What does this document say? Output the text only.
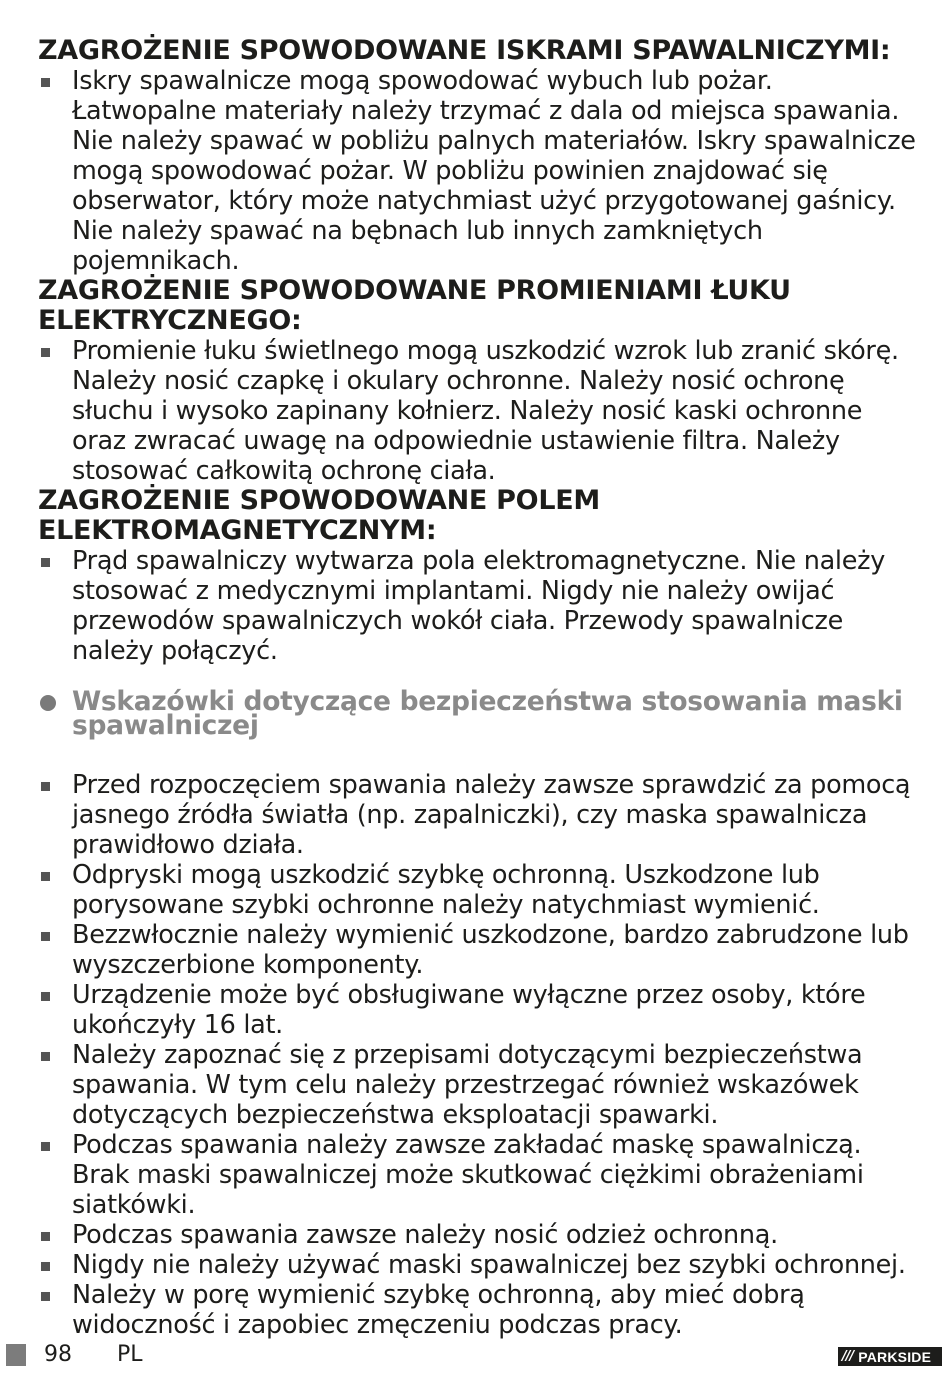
ZAGROŻENIE SPOWODOWANE ISKRAMI SPAWALNICZYMI:
Iskry spawalnicze mogą spowodować wybuch lub pożar. Łatwopalne materiały należy trzymać z dala od miejsca spawania. Nie należy spawać w pobliżu palnych materiałów. Iskry spawalnicze mogą spowodować pożar. W pobliżu powinien znajdować się obserwator, który może natychmiast użyć przygotowanej gaśnicy. Nie należy spawać na bębnach lub innych zamkniętych pojemnikach.
ZAGROŻENIE SPOWODOWANE PROMIENIAMI ŁUKU ELEKTRYCZNEGO:
Promienie łuku świetlnego mogą uszkodzić wzrok lub zranić skórę. Należy nosić czapkę i okulary ochronne. Należy nosić ochronę słuchu i wysoko zapinany kołnierz. Należy nosić kaski ochronne oraz zwracać uwagę na odpowiednie ustawienie filtra. Należy stosować całkowitą ochronę ciała.
ZAGROŻENIE SPOWODOWANE POLEM ELEKTROMAGNETYCZNYM:
Prąd spawalniczy wytwarza pola elektromagnetyczne. Nie należy stosować z medycznymi implantami. Nigdy nie należy owijać przewodów spawalniczych wokół ciała. Przewody spawalnicze należy połączyć.
Wskazówki dotyczące bezpieczeństwa stosowania maski spawalniczej
Przed rozpoczęciem spawania należy zawsze sprawdzić za pomocą jasnego źródła światła (np. zapalniczki), czy maska spawalnicza prawidłowo działa.
Odpryski mogą uszkodzić szybkę ochronną. Uszkodzone lub porysowane szybki ochronne należy natychmiast wymienić.
Bezzwłocznie należy wymienić uszkodzone, bardzo zabrudzone lub wyszczerbione komponenty.
Urządzenie może być obsługiwane wyłączne przez osoby, które ukończyły 16 lat.
Należy zapoznać się z przepisami dotyczącymi bezpieczeństwa spawania. W tym celu należy przestrzegać również wskazówek dotyczących bezpieczeństwa eksploatacji spawarki.
Podczas spawania należy zawsze zakładać maskę spawalniczą. Brak maski spawalniczej może skutkować ciężkimi obrażeniami siatkówki.
Podczas spawania zawsze należy nosić odzież ochronną.
Nigdy nie należy używać maski spawalniczej bez szybki ochronnej.
Należy w porę wymienić szybkę ochronną, aby mieć dobrą widoczność i zapobiec zmęczeniu podczas pracy.
98 PL	/// PARKSIDE
